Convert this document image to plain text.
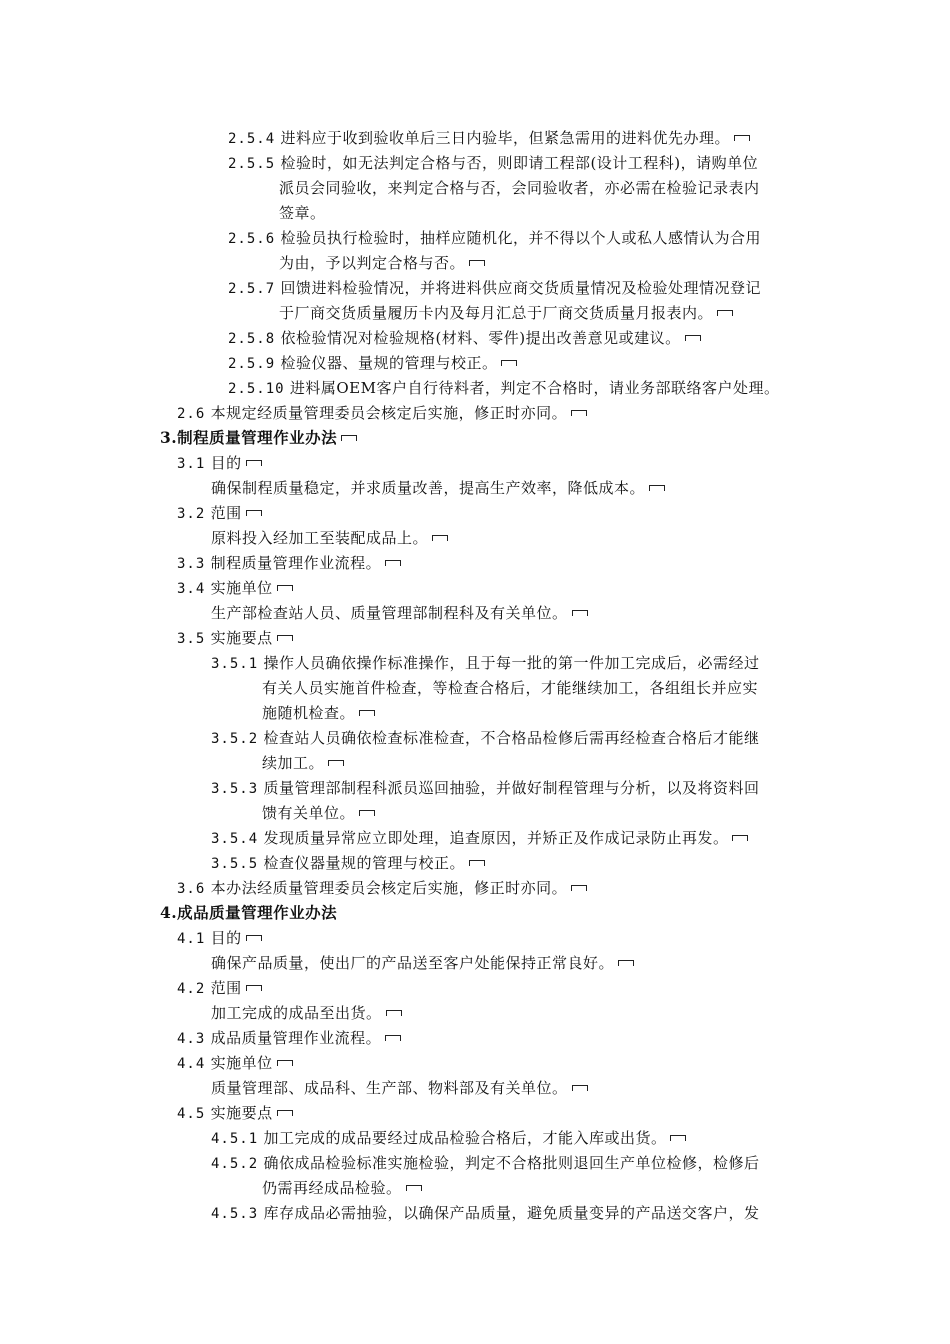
2.5.4 进料应于收到验收单后三日内验毕，但紧急需用的进料优先办理。
2.5.5 检验时，如无法判定合格与否，则即请工程部(设计工程科)，请购单位
派员会同验收，来判定合格与否，会同验收者，亦必需在检验记录表内
签章。
2.5.6 检验员执行检验时，抽样应随机化，并不得以个人或私人感情认为合用
为由，予以判定合格与否。
2.5.7 回馈进料检验情况，并将进料供应商交货质量情况及检验处理情况登记
于厂商交货质量履历卡内及每月汇总于厂商交货质量月报表内。
2.5.8 依检验情况对检验规格(材料、零件)提出改善意见或建议。
2.5.9 检验仪器、量规的管理与校正。
2.5.10 进料属OEM客户自行待料者，判定不合格时，请业务部联络客户处理。
2.6 本规定经质量管理委员会核定后实施，修正时亦同。
3.制程质量管理作业办法
3.1 目的
确保制程质量稳定，并求质量改善，提高生产效率，降低成本。
3.2 范围
原料投入经加工至装配成品上。
3.3 制程质量管理作业流程。
3.4 实施单位
生产部检查站人员、质量管理部制程科及有关单位。
3.5 实施要点
3.5.1 操作人员确依操作标准操作，且于每一批的第一件加工完成后，必需经过
有关人员实施首件检查，等检查合格后，才能继续加工，各组组长并应实
施随机检查。
3.5.2 检查站人员确依检查标准检查，不合格品检修后需再经检查合格后才能继
续加工。
3.5.3 质量管理部制程科派员巡回抽验，并做好制程管理与分析，以及将资料回
馈有关单位。
3.5.4 发现质量异常应立即处理，追查原因，并矫正及作成记录防止再发。
3.5.5 检查仪器量规的管理与校正。
3.6 本办法经质量管理委员会核定后实施，修正时亦同。
4.成品质量管理作业办法
4.1 目的
确保产品质量，使出厂的产品送至客户处能保持正常良好。
4.2 范围
加工完成的成品至出货。
4.3 成品质量管理作业流程。
4.4 实施单位
质量管理部、成品科、生产部、物料部及有关单位。
4.5 实施要点
4.5.1 加工完成的成品要经过成品检验合格后，才能入库或出货。
4.5.2 确依成品检验标准实施检验，判定不合格批则退回生产单位检修，检修后
仍需再经成品检验。
4.5.3 库存成品必需抽验，以确保产品质量，避免质量变异的产品送交客户，发
